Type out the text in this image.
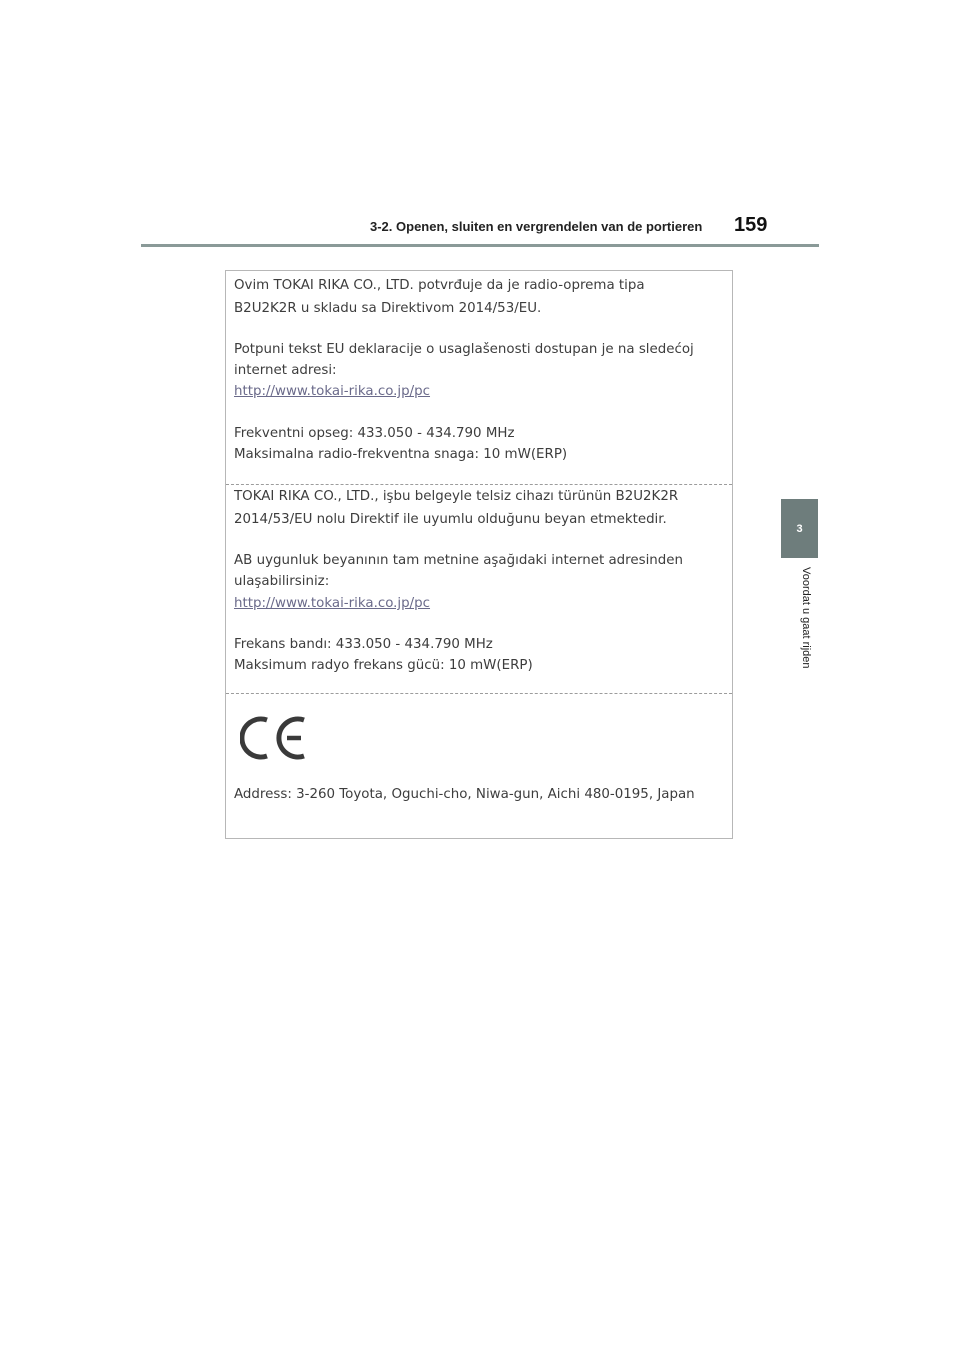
3-2. Openen, sluiten en vergrendelen van de portieren 159
3
Voordat u gaat rijden
Ovim TOKAI RIKA CO., LTD. potvrđuje da je radio-oprema tipa
B2U2K2R u skladu sa Direktivom 2014/53/EU.
Potpuni tekst EU deklaracije o usaglašenosti dostupan je na sledećoj
internet adresi:
http://www.tokai-rika.co.jp/pc
Frekventni opseg: 433.050 - 434.790 MHz
Maksimalna radio-frekventna snaga: 10 mW(ERP)
TOKAI RIKA CO., LTD., işbu belgeyle telsiz cihazı türünün B2U2K2R
2014/53/EU nolu Direktif ile uyumlu olduğunu beyan etmektedir.
AB uygunluk beyanının tam metnine aşağıdaki internet adresinden
ulaşabilirsiniz:
http://www.tokai-rika.co.jp/pc
Frekans bandı: 433.050 - 434.790 MHz
Maksimum radyo frekans gücü: 10 mW(ERP)
Address: 3-260 Toyota, Oguchi-cho, Niwa-gun, Aichi 480-0195, Japan
